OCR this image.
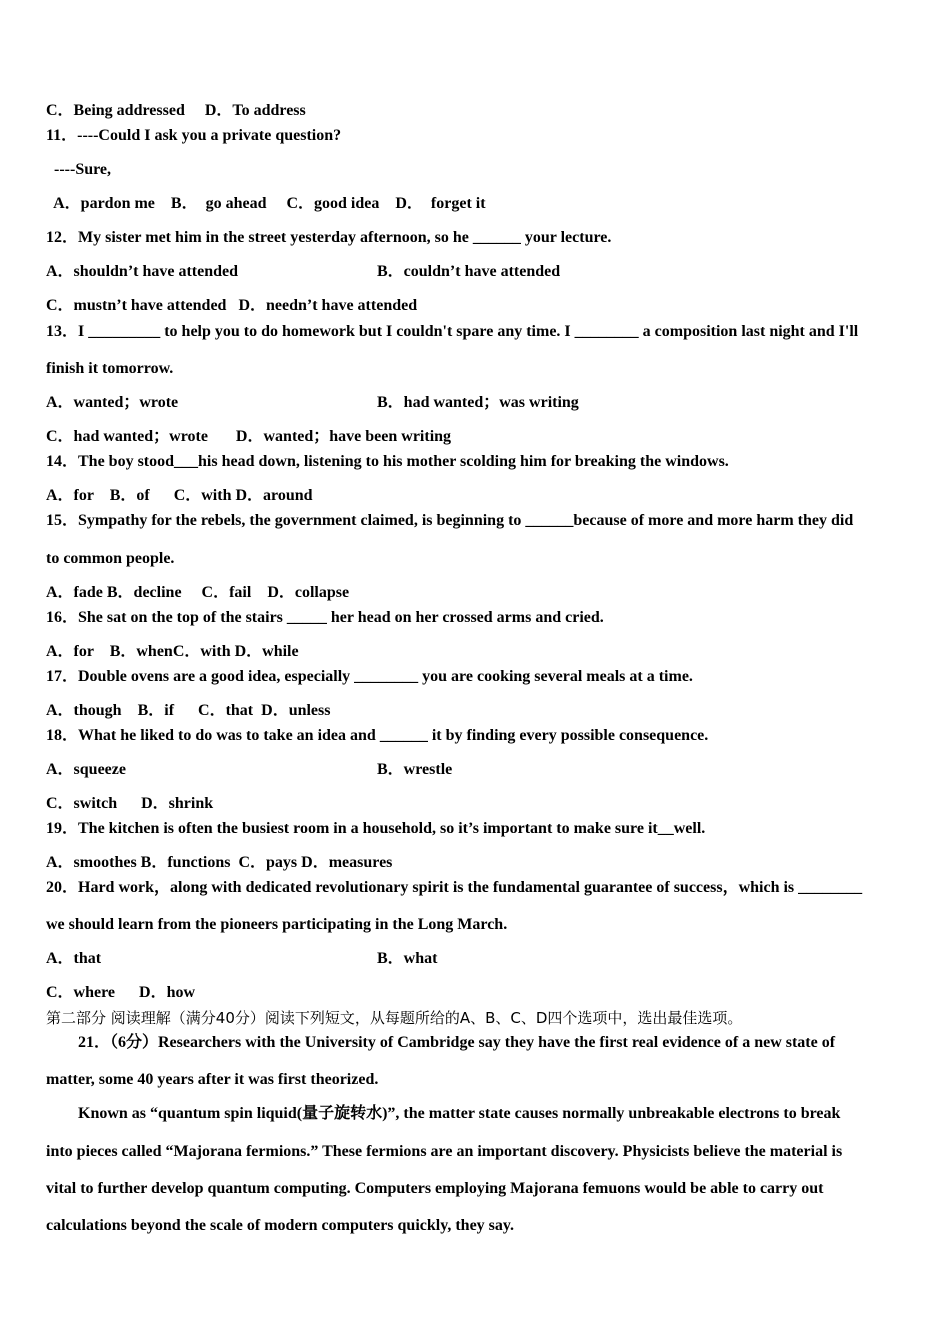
C．Being addressed     D．To address
11．----Could I ask you a private question?
----Sure,
A．pardon me    B．  go ahead     C．good idea    D．  forget it
12．My sister met him in the street yesterday afternoon, so he ______ your lecture.
A．shouldn’t have attended	B．couldn’t have attended
C．mustn’t have attended   D．needn’t have attended
13．I _________ to help you to do homework but I couldn't spare any time. I ________ a composition last night and I'll
finish it tomorrow.
A．wanted；wrote	B．had wanted；was writing
C．had wanted；wrote       D．wanted；have been writing
14．The boy stood___his head down, listening to his mother scolding him for breaking the windows.
A．for    B．of      C．with D．around
15．Sympathy for the rebels, the government claimed, is beginning to ______because of more and more harm they did
to common people.
A．fade B．decline     C．fail    D．collapse
16．She sat on the top of the stairs _____ her head on her crossed arms and cried.
A．for    B．whenC．with D．while
17．Double ovens are a good idea, especially ________ you are cooking several meals at a time.
A．though    B．if      C．that  D．unless
18．What he liked to do was to take an idea and ______ it by finding every possible consequence.
A．squeeze	B．wrestle
C．switch      D．shrink
19．The kitchen is often the busiest room in a household, so it’s important to make sure it__well.
A．smoothes B．functions  C．pays D．measures
20．Hard work，along with dedicated revolutionary spirit is the fundamental guarantee of success，which is ________
we should learn from the pioneers participating in the Long March.
A．that	B．what
C．where      D．how
第二部分 阅读理解（满分40分）阅读下列短文，从每题所给的A、B、C、D四个选项中，选出最佳选项。
21．（6分）Researchers with the University of Cambridge say they have the first real evidence of a new state of
matter, some 40 years after it was first theorized.
Known as “quantum spin liquid(量子旋转水)”, the matter state causes normally unbreakable electrons to break
into pieces called “Majorana fermions.” These fermions are an important discovery. Physicists believe the material is
vital to further develop quantum computing. Computers employing Majorana femuons would be able to carry out
calculations beyond the scale of modern computers quickly, they say.
